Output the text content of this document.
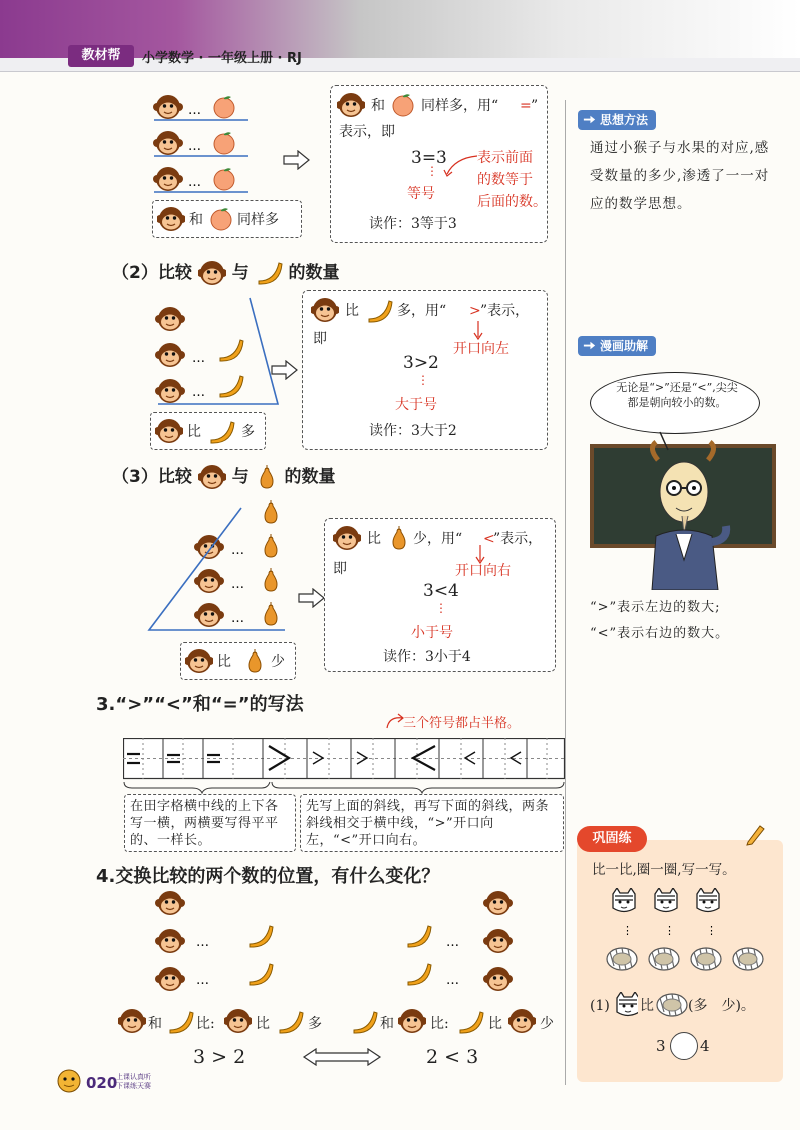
教材帮	小学数学 · 一年级上册 · RJ
…
…
…
和 同样多
和	同样多，用“ = ”
表示，即
3=3
⋮
等号
表示前面
的数等于
后面的数。
读作：3等于3
（2）比较 与 的数量
…
…
比	多
比	多，用“ > ”表示，
即
开口向左
3>2
⋮
大于号
读作：3大于2
（3）比较 与 的数量
…
…
…
比	少
比 少，用“ <
”表示，
即	开口向右
3<4
⋮
小于号
读作：3小于4
3.“>”“<”和“=”的写法
三个符号都占半格。
在田字格横中线的上下各写一横，两横要写得平平的、一样长。
先写上面的斜线，再写下面的斜线，两条斜线相交于横中线，“>”开口向左，“<”开口向右。
4.交换比较的两个数的位置，有什么变化？
…
…
…
…
和 比:	比	多	和	比:	比	少
3 > 2	2 < 3
思想方法
通过小猴子与水果的对应,感受数量的多少,渗透了一一对应的数学思想。
漫画助解
无论是“>”还是“<”,尖尖都是朝向较小的数。
“>”表示左边的数大;
“<”表示右边的数大。
巩固练
比一比,圈一圈,写一写。
⋮	⋮	⋮
(1) 比 (多　少)。
3 4
020
上课认真听
下课练天赛
